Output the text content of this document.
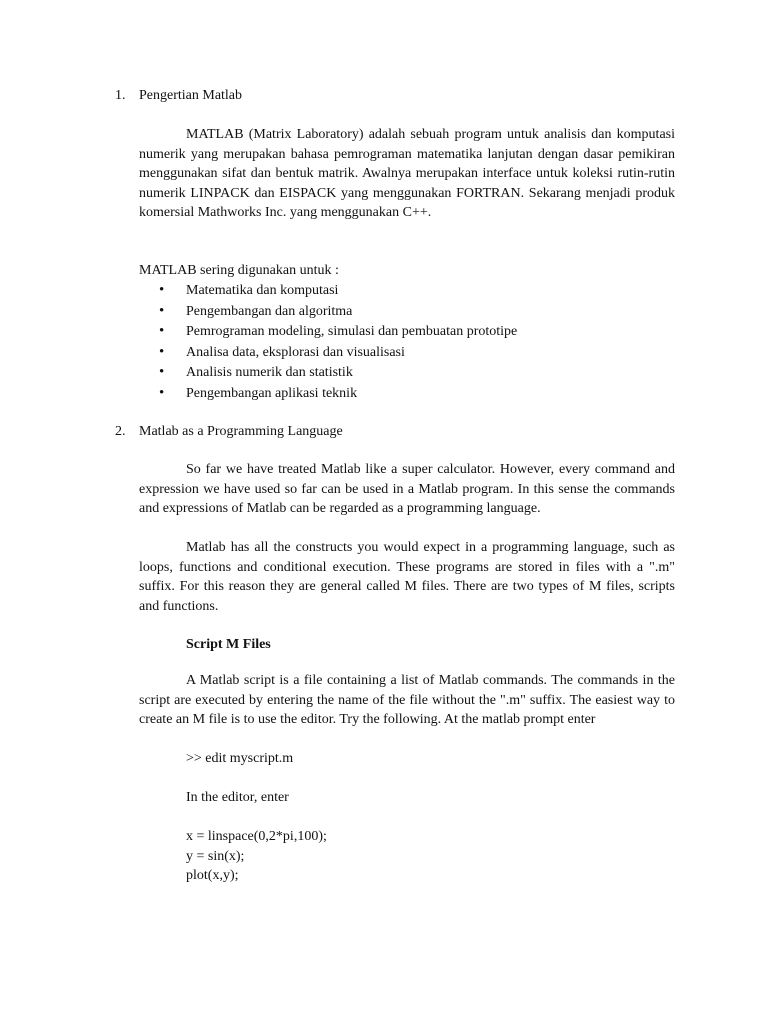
1. Pengertian Matlab

MATLAB (Matrix Laboratory) adalah sebuah program untuk analisis dan komputasi numerik yang merupakan bahasa pemrograman matematika lanjutan dengan dasar pemikiran menggunakan sifat dan bentuk matrik. Awalnya merupakan interface untuk koleksi rutin-rutin numerik LINPACK dan EISPACK yang menggunakan FORTRAN. Sekarang menjadi produk komersial Mathworks Inc. yang menggunakan C++.

MATLAB sering digunakan untuk :
• Matematika dan komputasi
• Pengembangan dan algoritma
• Pemrograman modeling, simulasi dan pembuatan prototipe
• Analisa data, eksplorasi dan visualisasi
• Analisis numerik dan statistik
• Pengembangan aplikasi teknik
2. Matlab as a Programming Language

So far we have treated Matlab like a super calculator. However, every command and expression we have used so far can be used in a Matlab program. In this sense the commands and expressions of Matlab can be regarded as a programming language.

Matlab has all the constructs you would expect in a programming language, such as loops, functions and conditional execution. These programs are stored in files with a ".m" suffix. For this reason they are general called M files. There are two types of M files, scripts and functions.

Script M Files

A Matlab script is a file containing a list of Matlab commands. The commands in the script are executed by entering the name of the file without the ".m" suffix. The easiest way to create an M file is to use the editor. Try the following. At the matlab prompt enter

>> edit myscript.m
In the editor, enter
x = linspace(0,2*pi,100);
y = sin(x);
plot(x,y);
